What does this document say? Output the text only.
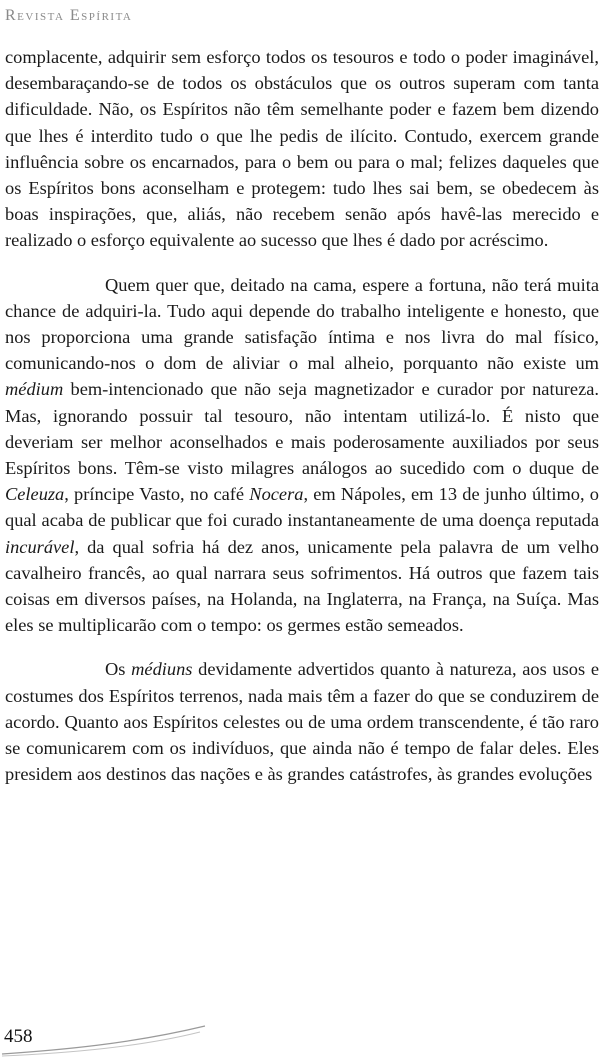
Revista Espírita

complacente, adquirir sem esforço todos os tesouros e todo o poder imaginável, desembaraçando-se de todos os obstáculos que os outros superam com tanta dificuldade. Não, os Espíritos não têm semelhante poder e fazem bem dizendo que lhes é interdito tudo o que lhe pedis de ilícito. Contudo, exercem grande influência sobre os encarnados, para o bem ou para o mal; felizes daqueles que os Espíritos bons aconselham e protegem: tudo lhes sai bem, se obedecem às boas inspirações, que, aliás, não recebem senão após havê-las merecido e realizado o esforço equivalente ao sucesso que lhes é dado por acréscimo.

Quem quer que, deitado na cama, espere a fortuna, não terá muita chance de adquiri-la. Tudo aqui depende do trabalho inteligente e honesto, que nos proporciona uma grande satisfação íntima e nos livra do mal físico, comunicando-nos o dom de aliviar o mal alheio, porquanto não existe um médium bem-intencionado que não seja magnetizador e curador por natureza. Mas, ignorando possuir tal tesouro, não intentam utilizá-lo. É nisto que deveriam ser melhor aconselhados e mais poderosamente auxiliados por seus Espíritos bons. Têm-se visto milagres análogos ao sucedido com o duque de Celeuza, príncipe Vasto, no café Nocera, em Nápoles, em 13 de junho último, o qual acaba de publicar que foi curado instantaneamente de uma doença reputada incurável, da qual sofria há dez anos, unicamente pela palavra de um velho cavalheiro francês, ao qual narrara seus sofrimentos. Há outros que fazem tais coisas em diversos países, na Holanda, na Inglaterra, na França, na Suíça. Mas eles se multiplicarão com o tempo: os germes estão semeados.

Os médiuns devidamente advertidos quanto à natureza, aos usos e costumes dos Espíritos terrenos, nada mais têm a fazer do que se conduzirem de acordo. Quanto aos Espíritos celestes ou de uma ordem transcendente, é tão raro se comunicarem com os indivíduos, que ainda não é tempo de falar deles. Eles presidem aos destinos das nações e às grandes catástrofes, às grandes evoluções

458
